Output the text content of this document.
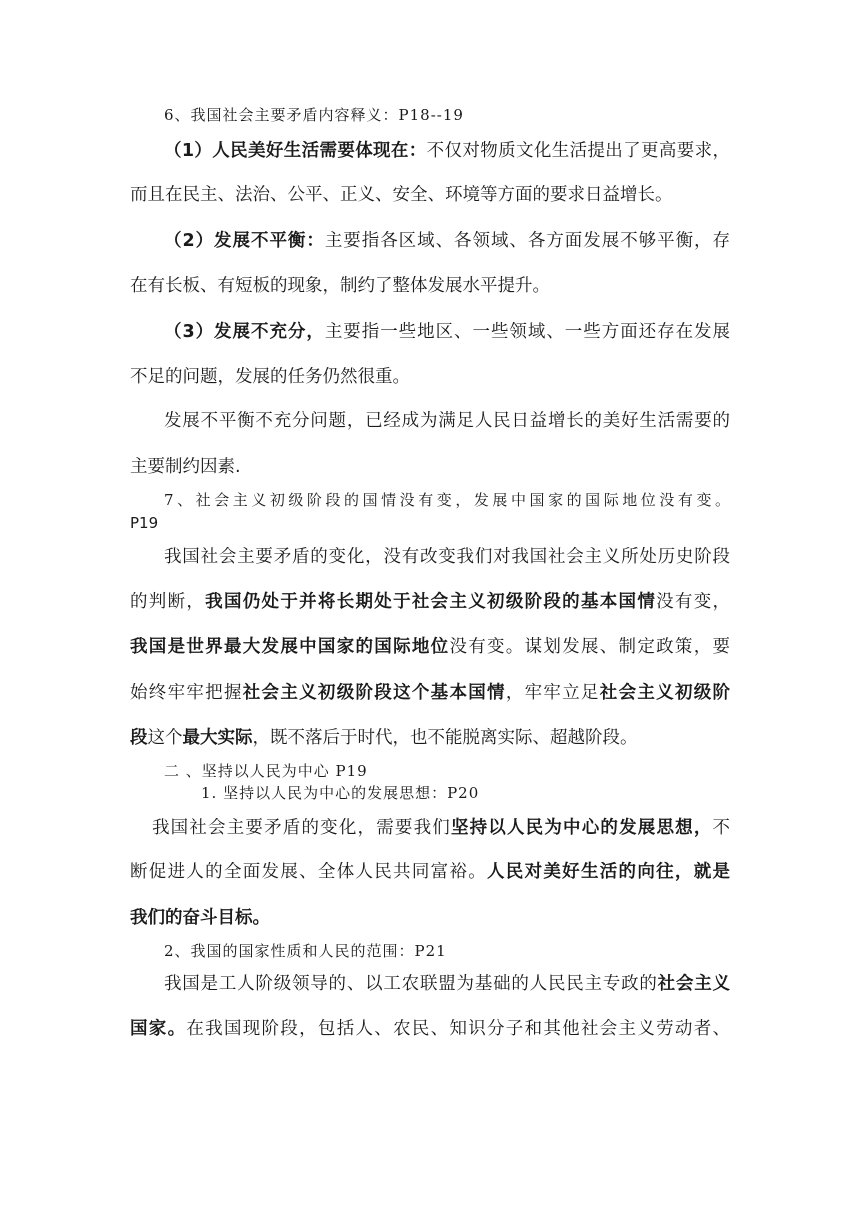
6、我国社会主要矛盾内容释义：P18--19
（1）人民美好生活需要体现在：不仅对物质文化生活提出了更高要求，
而且在民主、法治、公平、正义、安全、环境等方面的要求日益增长。
（2）发展不平衡：主要指各区域、各领域、各方面发展不够平衡，存
在有长板、有短板的现象，制约了整体发展水平提升。
（3）发展不充分，主要指一些地区、一些领域、一些方面还存在发展
不足的问题，发展的任务仍然很重。
发展不平衡不充分问题，已经成为满足人民日益增长的美好生活需要的
主要制约因素.
7、社会主义初级阶段的国情没有变，发展中国家的国际地位没有变。
P19
我国社会主要矛盾的变化，没有改变我们对我国社会主义所处历史阶段
的判断，我国仍处于并将长期处于社会主义初级阶段的基本国情没有变，
我国是世界最大发展中国家的国际地位没有变。谋划发展、制定政策，要
始终牢牢把握社会主义初级阶段这个基本国情，牢牢立足社会主义初级阶
段这个最大实际，既不落后于时代，也不能脱离实际、超越阶段。
二 、坚持以人民为中心 P19
1. 坚持以人民为中心的发展思想：P20
我国社会主要矛盾的变化，需要我们坚持以人民为中心的发展思想，不
断促进人的全面发展、全体人民共同富裕。人民对美好生活的向往，就是
我们的奋斗目标。
2、我国的国家性质和人民的范围：P21
我国是工人阶级领导的、以工农联盟为基础的人民民主专政的社会主义
国家。在我国现阶段，包括人、农民、知识分子和其他社会主义劳动者、
